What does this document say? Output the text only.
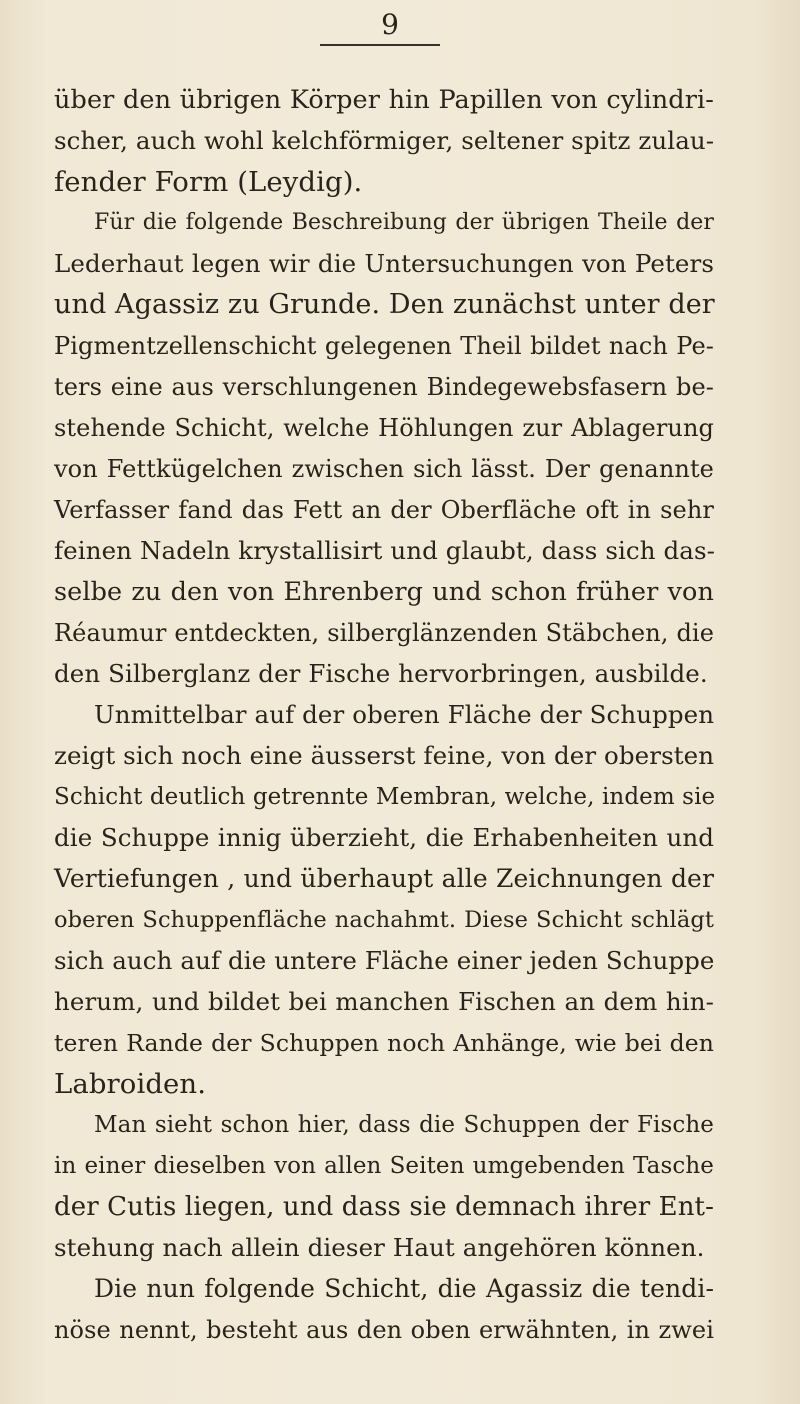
9
über den übrigen Körper hin Papillen von cylindri-
scher, auch wohl kelchförmiger, seltener spitz zulau-
fender Form (Leydig).
Für die folgende Beschreibung der übrigen Theile der
Lederhaut legen wir die Untersuchungen von Peters
und Agassiz zu Grunde. Den zunächst unter der
Pigmentzellenschicht gelegenen Theil bildet nach Pe-
ters eine aus verschlungenen Bindegewebsfasern be-
stehende Schicht, welche Höhlungen zur Ablagerung
von Fettkügelchen zwischen sich lässt. Der genannte
Verfasser fand das Fett an der Oberfläche oft in sehr
feinen Nadeln krystallisirt und glaubt, dass sich das-
selbe zu den von Ehrenberg und schon früher von
Réaumur entdeckten, silberglänzenden Stäbchen, die
den Silberglanz der Fische hervorbringen, ausbilde.
Unmittelbar auf der oberen Fläche der Schuppen
zeigt sich noch eine äusserst feine, von der obersten
Schicht deutlich getrennte Membran, welche, indem sie
die Schuppe innig überzieht, die Erhabenheiten und
Vertiefungen , und überhaupt alle Zeichnungen der
oberen Schuppenfläche nachahmt. Diese Schicht schlägt
sich auch auf die untere Fläche einer jeden Schuppe
herum, und bildet bei manchen Fischen an dem hin-
teren Rande der Schuppen noch Anhänge, wie bei den
Labroiden.
Man sieht schon hier, dass die Schuppen der Fische
in einer dieselben von allen Seiten umgebenden Tasche
der Cutis liegen, und dass sie demnach ihrer Ent-
stehung nach allein dieser Haut angehören können.
Die nun folgende Schicht, die Agassiz die tendi-
nöse nennt, besteht aus den oben erwähnten, in zwei
